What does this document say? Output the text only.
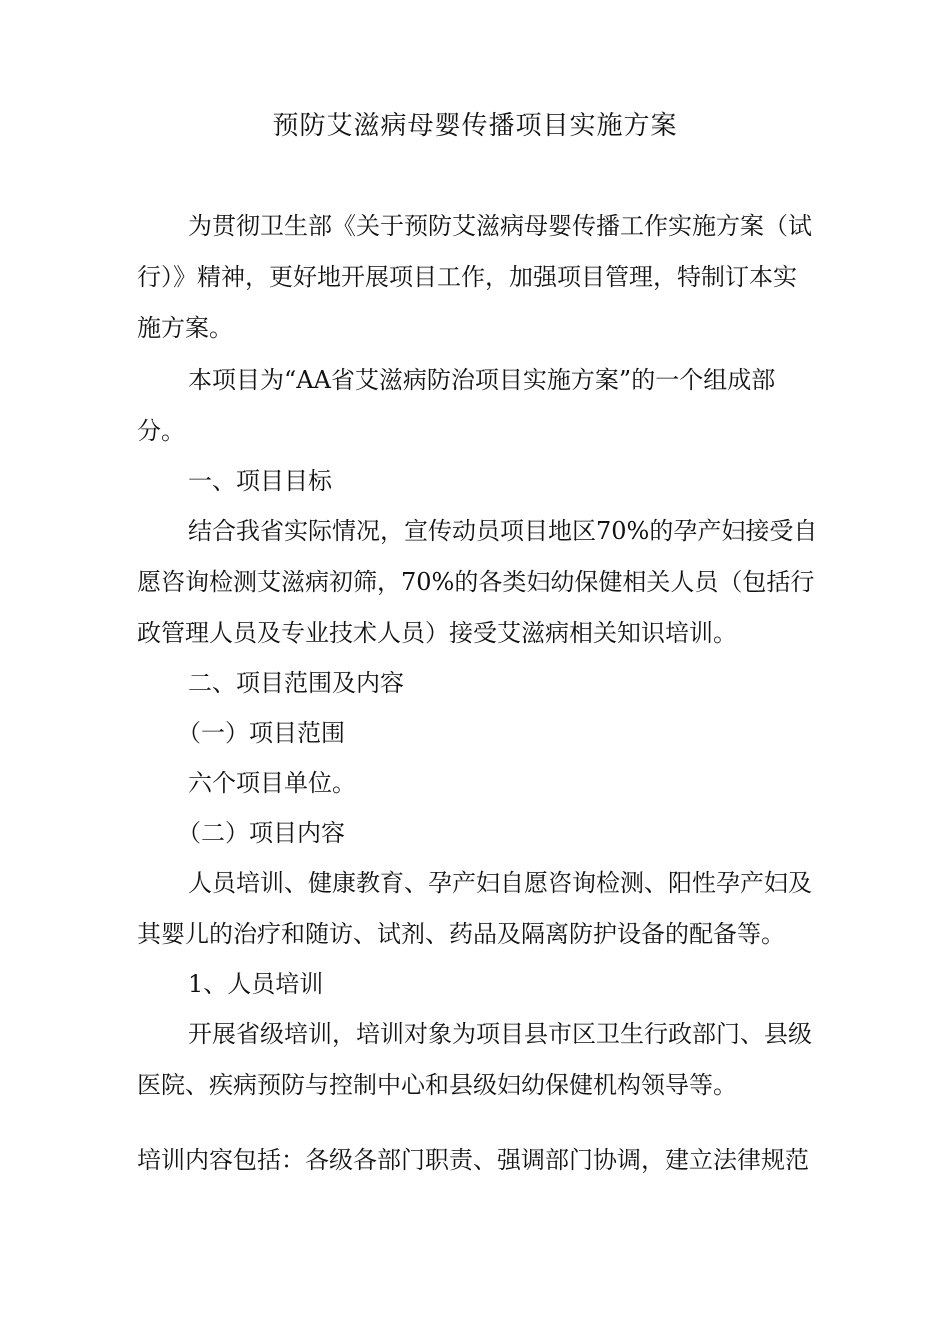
预防艾滋病母婴传播项目实施方案
为贯彻卫生部《关于预防艾滋病母婴传播工作实施方案（试
行）》精神，更好地开展项目工作，加强项目管理，特制订本实
施方案。
本项目为“AA省艾滋病防治项目实施方案”的一个组成部
分。
一、项目目标
结合我省实际情况，宣传动员项目地区70%的孕产妇接受自
愿咨询检测艾滋病初筛，70%的各类妇幼保健相关人员（包括行
政管理人员及专业技术人员）接受艾滋病相关知识培训。
二、项目范围及内容
（一）项目范围
六个项目单位。
（二）项目内容
人员培训、健康教育、孕产妇自愿咨询检测、阳性孕产妇及
其婴儿的治疗和随访、试剂、药品及隔离防护设备的配备等。
1、人员培训
开展省级培训，培训对象为项目县市区卫生行政部门、县级
医院、疾病预防与控制中心和县级妇幼保健机构领导等。
培训内容包括：各级各部门职责、强调部门协调，建立法律规范
